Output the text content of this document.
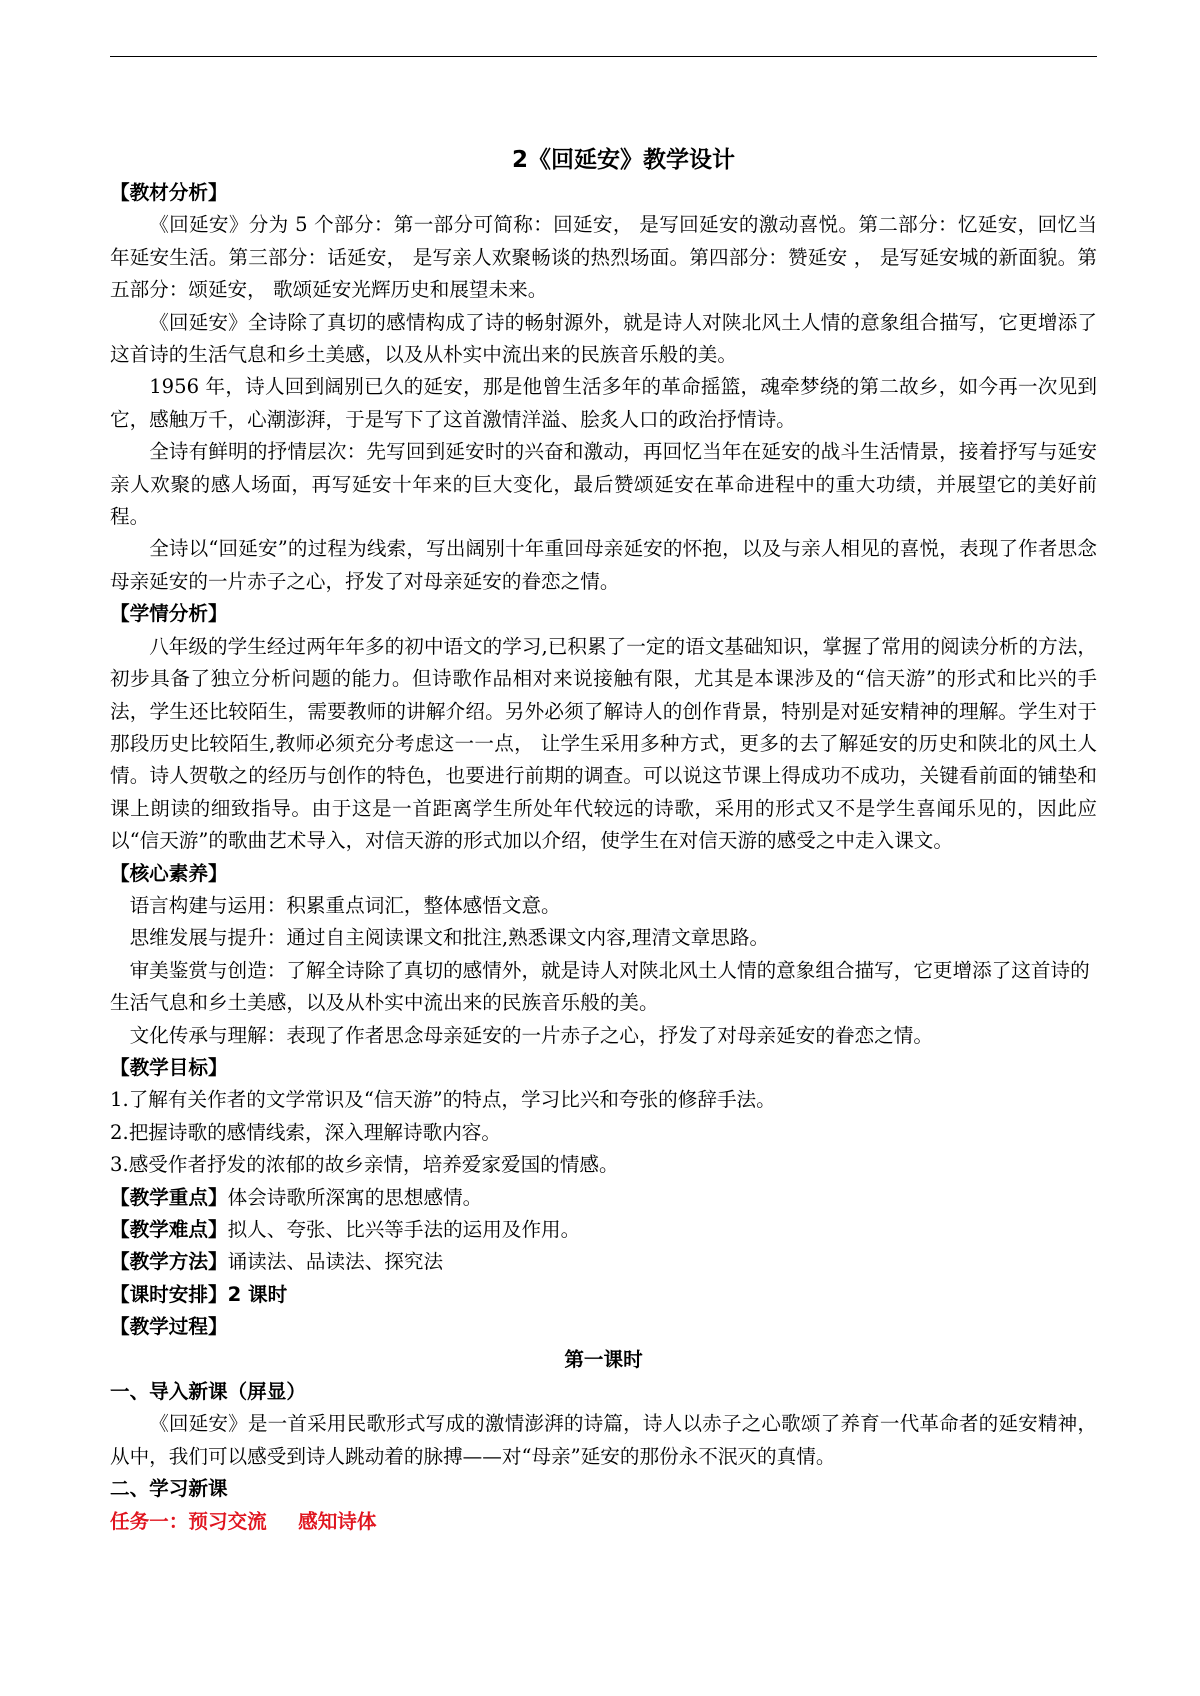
2《回延安》教学设计

【教材分析】

《回延安》分为 5 个部分：第一部分可简称：回延安， 是写回延安的激动喜悦。第二部分：忆延安，回忆当年延安生活。第三部分：话延安， 是写亲人欢聚畅谈的热烈场面。第四部分：赞延安 ， 是写延安城的新面貌。第五部分：颂延安， 歌颂延安光辉历史和展望未来。

《回延安》全诗除了真切的感情构成了诗的畅射源外，就是诗人对陕北风土人情的意象组合描写，它更增添了这首诗的生活气息和乡土美感，以及从朴实中流出来的民族音乐般的美。

1956 年，诗人回到阔别已久的延安，那是他曾生活多年的革命摇篮，魂牵梦绕的第二故乡，如今再一次见到它，感触万千，心潮澎湃，于是写下了这首激情洋溢、脍炙人口的政治抒情诗。

全诗有鲜明的抒情层次：先写回到延安时的兴奋和激动，再回忆当年在延安的战斗生活情景，接着抒写与延安亲人欢聚的感人场面，再写延安十年来的巨大变化，最后赞颂延安在革命进程中的重大功绩，并展望它的美好前程。

全诗以“回延安”的过程为线索，写出阔别十年重回母亲延安的怀抱，以及与亲人相见的喜悦，表现了作者思念母亲延安的一片赤子之心，抒发了对母亲延安的眷恋之情。

【学情分析】

八年级的学生经过两年年多的初中语文的学习,已积累了一定的语文基础知识，掌握了常用的阅读分析的方法，初步具备了独立分析问题的能力。但诗歌作品相对来说接触有限，尤其是本课涉及的“信天游”的形式和比兴的手法，学生还比较陌生，需要教师的讲解介绍。另外必须了解诗人的创作背景，特别是对延安精神的理解。学生对于那段历史比较陌生,教师必须充分考虑这一一点， 让学生采用多种方式，更多的去了解延安的历史和陕北的风土人情。诗人贺敬之的经历与创作的特色，也要进行前期的调查。可以说这节课上得成功不成功，关键看前面的铺垫和课上朗读的细致指导。由于这是一首距离学生所处年代较远的诗歌，采用的形式又不是学生喜闻乐见的，因此应以“信天游”的歌曲艺术导入，对信天游的形式加以介绍，使学生在对信天游的感受之中走入课文。

【核心素养】

语言构建与运用：积累重点词汇，整体感悟文意。

思维发展与提升：通过自主阅读课文和批注,熟悉课文内容,理清文章思路。

审美鉴赏与创造：了解全诗除了真切的感情外，就是诗人对陕北风土人情的意象组合描写，它更增添了这首诗的生活气息和乡土美感，以及从朴实中流出来的民族音乐般的美。

文化传承与理解：表现了作者思念母亲延安的一片赤子之心，抒发了对母亲延安的眷恋之情。

【教学目标】

1.了解有关作者的文学常识及“信天游”的特点，学习比兴和夸张的修辞手法。

2.把握诗歌的感情线索，深入理解诗歌内容。

3.感受作者抒发的浓郁的故乡亲情，培养爱家爱国的情感。

【教学重点】体会诗歌所深寓的思想感情。

【教学难点】拟人、夸张、比兴等手法的运用及作用。

【教学方法】诵读法、品读法、探究法

【课时安排】2 课时

【教学过程】

第一课时

一、导入新课（屏显）

《回延安》是一首采用民歌形式写成的激情澎湃的诗篇，诗人以赤子之心歌颂了养育一代革命者的延安精神，从中，我们可以感受到诗人跳动着的脉搏——对“母亲”延安的那份永不泯灭的真情。

二、学习新课

任务一：预习交流 感知诗体
